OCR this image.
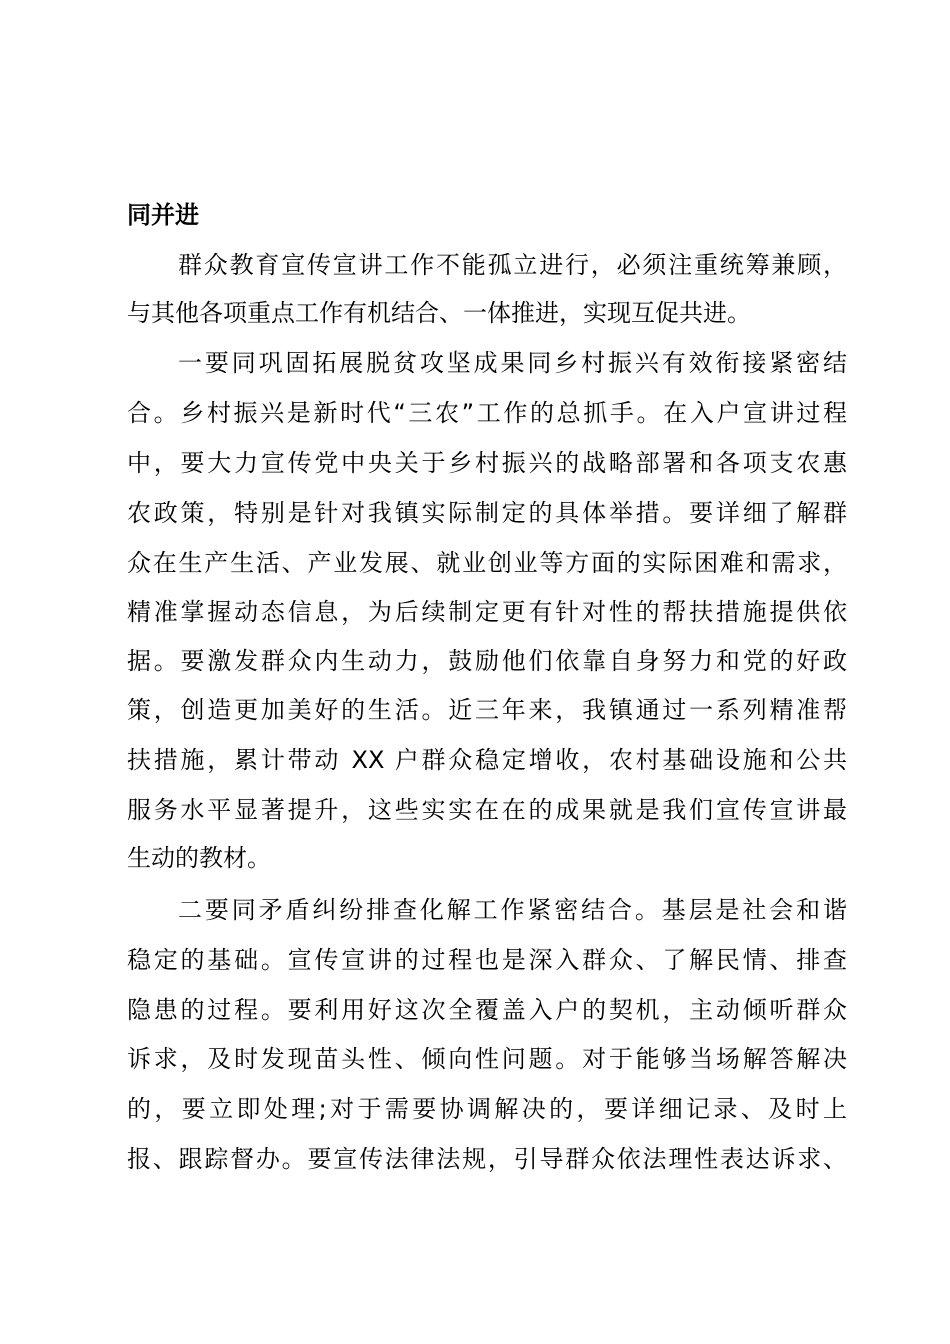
同并进
群众教育宣传宣讲工作不能孤立进行，必须注重统筹兼顾，
与其他各项重点工作有机结合、一体推进，实现互促共进。
一要同巩固拓展脱贫攻坚成果同乡村振兴有效衔接紧密结
合。乡村振兴是新时代“三农”工作的总抓手。在入户宣讲过程
中，要大力宣传党中央关于乡村振兴的战略部署和各项支农惠
农政策，特别是针对我镇实际制定的具体举措。要详细了解群
众在生产生活、产业发展、就业创业等方面的实际困难和需求，
精准掌握动态信息，为后续制定更有针对性的帮扶措施提供依
据。要激发群众内生动力，鼓励他们依靠自身努力和党的好政
策，创造更加美好的生活。近三年来，我镇通过一系列精准帮
扶措施，累计带动 XX 户群众稳定增收，农村基础设施和公共
服务水平显著提升，这些实实在在的成果就是我们宣传宣讲最
生动的教材。
二要同矛盾纠纷排查化解工作紧密结合。基层是社会和谐
稳定的基础。宣传宣讲的过程也是深入群众、了解民情、排查
隐患的过程。要利用好这次全覆盖入户的契机，主动倾听群众
诉求，及时发现苗头性、倾向性问题。对于能够当场解答解决
的，要立即处理;对于需要协调解决的，要详细记录、及时上
报、跟踪督办。要宣传法律法规，引导群众依法理性表达诉求、
